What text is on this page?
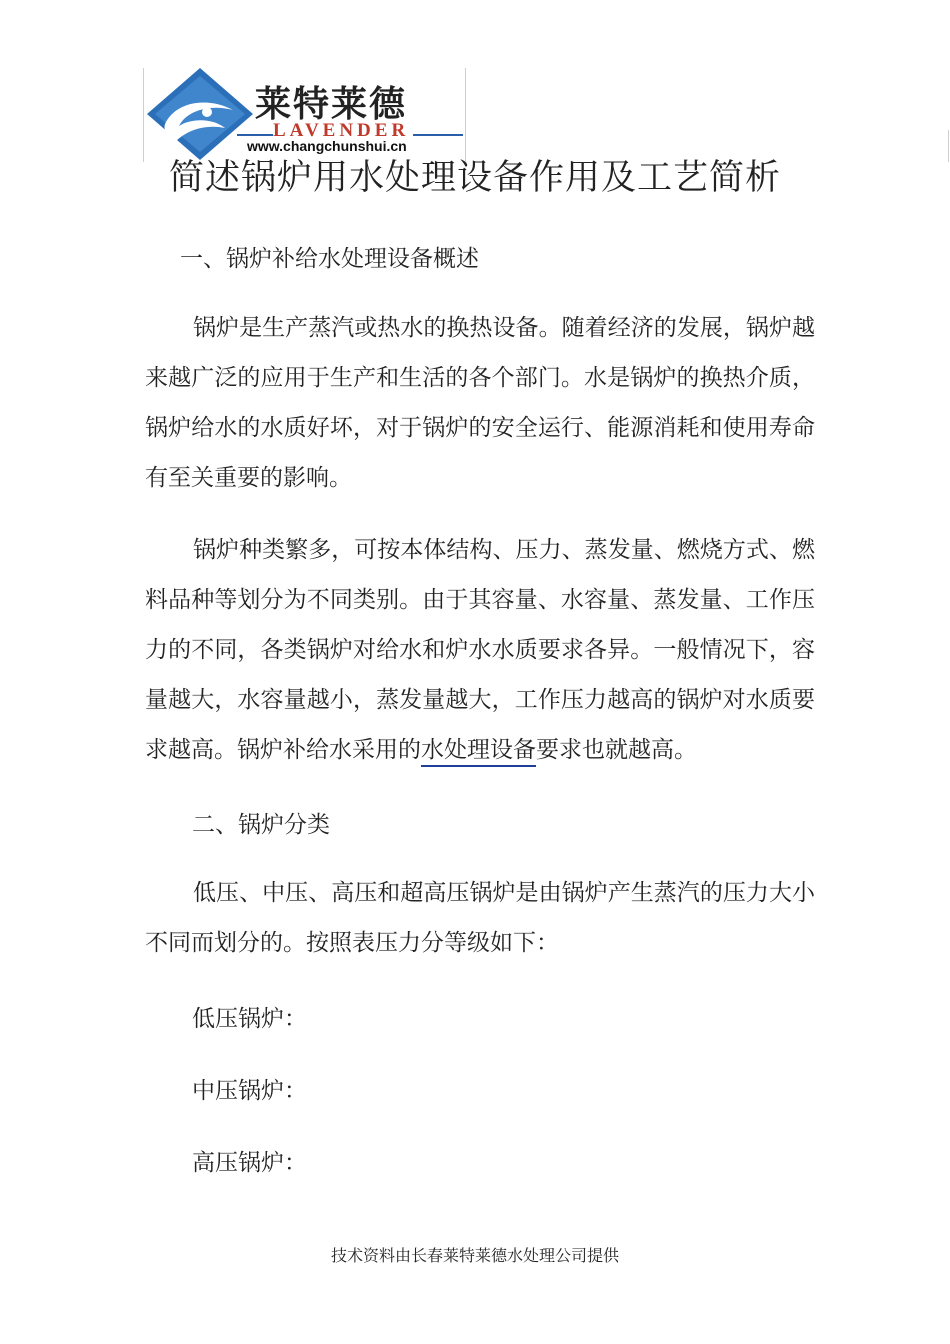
莱特莱德
LAVENDER
www.changchunshui.cn
简述锅炉用水处理设备作用及工艺简析
一、锅炉补给水处理设备概述

锅炉是生产蒸汽或热水的换热设备。随着经济的发展，锅炉越来越广泛的应用于生产和生活的各个部门。水是锅炉的换热介质，锅炉给水的水质好坏，对于锅炉的安全运行、能源消耗和使用寿命有至关重要的影响。

锅炉种类繁多，可按本体结构、压力、蒸发量、燃烧方式、燃料品种等划分为不同类别。由于其容量、水容量、蒸发量、工作压力的不同，各类锅炉对给水和炉水水质要求各异。一般情况下，容量越大，水容量越小，蒸发量越大，工作压力越高的锅炉对水质要求越高。锅炉补给水采用的水处理设备要求也就越高。

二、锅炉分类

低压、中压、高压和超高压锅炉是由锅炉产生蒸汽的压力大小不同而划分的。按照表压力分等级如下：

低压锅炉：
中压锅炉：
高压锅炉：
技术资料由长春莱特莱德水处理公司提供
